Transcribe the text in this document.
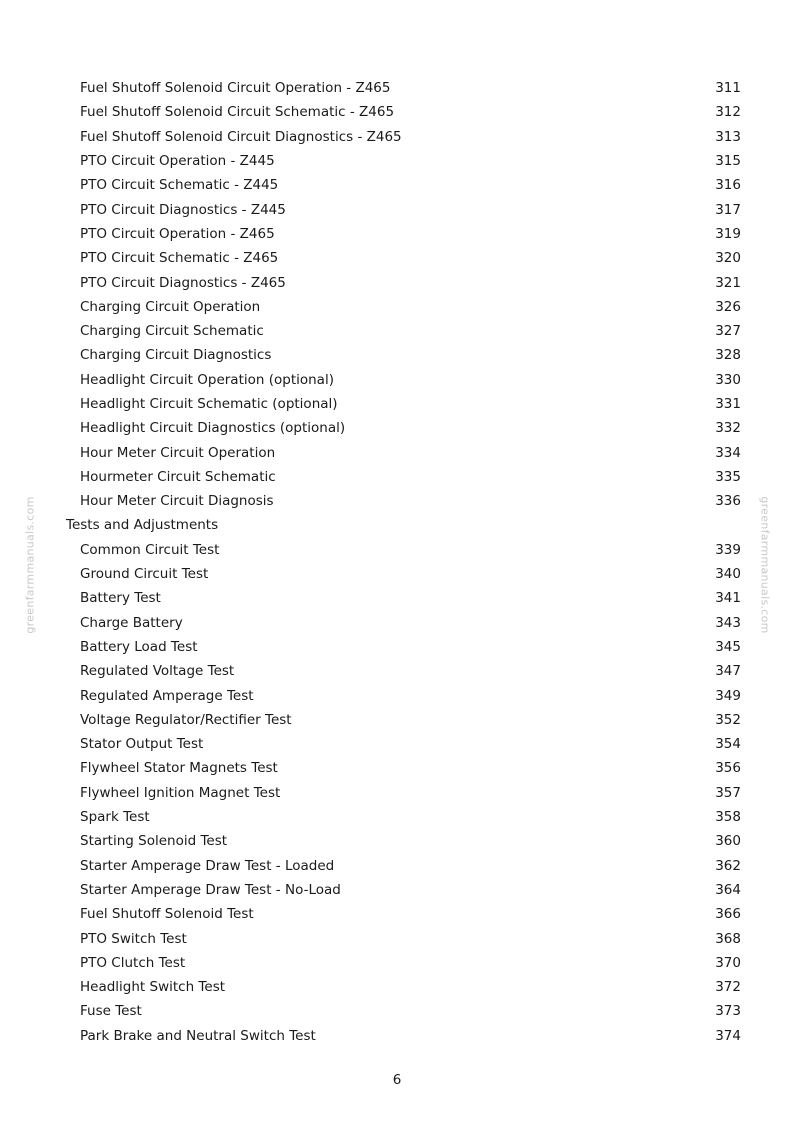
greenfarmmanuals.com	greenfarmmanuals.com
Fuel Shutoff Solenoid Circuit Operation - Z465	311
Fuel Shutoff Solenoid Circuit Schematic - Z465	312
Fuel Shutoff Solenoid Circuit Diagnostics - Z465	313
PTO Circuit Operation - Z445	315
PTO Circuit Schematic - Z445	316
PTO Circuit Diagnostics - Z445	317
PTO Circuit Operation - Z465	319
PTO Circuit Schematic - Z465	320
PTO Circuit Diagnostics - Z465	321
Charging Circuit Operation	326
Charging Circuit Schematic	327
Charging Circuit Diagnostics	328
Headlight Circuit Operation (optional)	330
Headlight Circuit Schematic (optional)	331
Headlight Circuit Diagnostics (optional)	332
Hour Meter Circuit Operation	334
Hourmeter Circuit Schematic	335
Hour Meter Circuit Diagnosis	336
Tests and Adjustments
Common Circuit Test	339
Ground Circuit Test	340
Battery Test	341
Charge Battery	343
Battery Load Test	345
Regulated Voltage Test	347
Regulated Amperage Test	349
Voltage Regulator/Rectifier Test	352
Stator Output Test	354
Flywheel Stator Magnets Test	356
Flywheel Ignition Magnet Test	357
Spark Test	358
Starting Solenoid Test	360
Starter Amperage Draw Test - Loaded	362
Starter Amperage Draw Test - No-Load	364
Fuel Shutoff Solenoid Test	366
PTO Switch Test	368
PTO Clutch Test	370
Headlight Switch Test	372
Fuse Test	373
Park Brake and Neutral Switch Test	374
6
